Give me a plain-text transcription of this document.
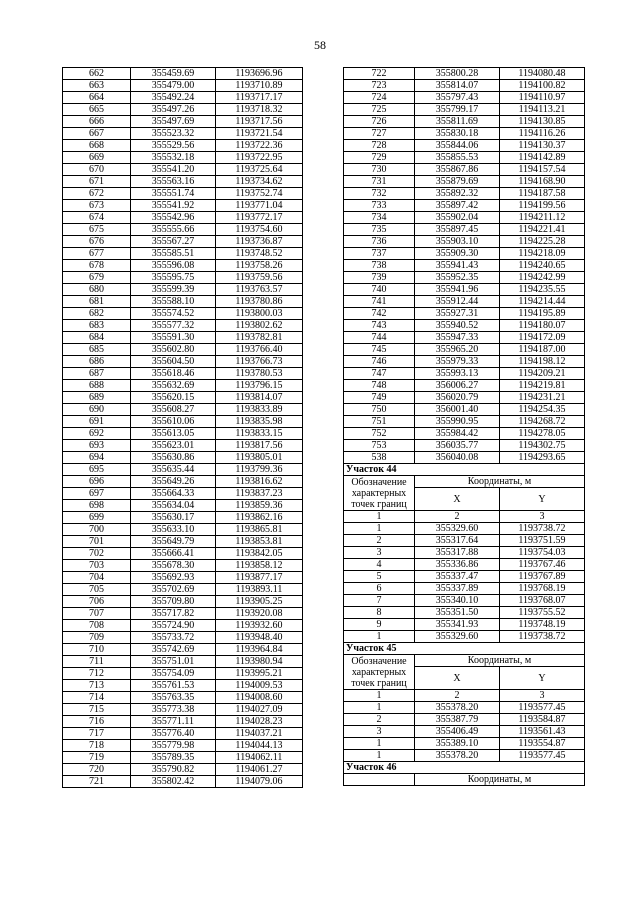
58
662	355459.69	1193696.96
663	355479.00	1193710.89
664	355492.24	1193717.17
665	355497.26	1193718.32
666	355497.69	1193717.56
667	355523.32	1193721.54
668	355529.56	1193722.36
669	355532.18	1193722.95
670	355541.20	1193725.64
671	355563.16	1193734.62
672	355551.74	1193752.74
673	355541.92	1193771.04
674	355542.96	1193772.17
675	355555.66	1193754.60
676	355567.27	1193736.87
677	355585.51	1193748.52
678	355596.08	1193758.26
679	355595.75	1193759.56
680	355599.39	1193763.57
681	355588.10	1193780.86
682	355574.52	1193800.03
683	355577.32	1193802.62
684	355591.30	1193782.81
685	355602.80	1193766.40
686	355604.50	1193766.73
687	355618.46	1193780.53
688	355632.69	1193796.15
689	355620.15	1193814.07
690	355608.27	1193833.89
691	355610.06	1193835.98
692	355613.05	1193833.15
693	355623.01	1193817.56
694	355630.86	1193805.01
695	355635.44	1193799.36
696	355649.26	1193816.62
697	355664.33	1193837.23
698	355634.04	1193859.36
699	355630.17	1193862.16
700	355633.10	1193865.81
701	355649.79	1193853.81
702	355666.41	1193842.05
703	355678.30	1193858.12
704	355692.93	1193877.17
705	355702.69	1193893.11
706	355709.80	1193905.25
707	355717.82	1193920.08
708	355724.90	1193932.60
709	355733.72	1193948.40
710	355742.69	1193964.84
711	355751.01	1193980.94
712	355754.09	1193995.21
713	355761.53	1194009.53
714	355763.35	1194008.60
715	355773.38	1194027.09
716	355771.11	1194028.23
717	355776.40	1194037.21
718	355779.98	1194044.13
719	355789.35	1194062.11
720	355790.82	1194061.27
721	355802.42	1194079.06
722	355800.28	1194080.48
723	355814.07	1194100.82
724	355797.43	1194110.97
725	355799.17	1194113.21
726	355811.69	1194130.85
727	355830.18	1194116.26
728	355844.06	1194130.37
729	355855.53	1194142.89
730	355867.86	1194157.54
731	355879.69	1194168.90
732	355892.32	1194187.58
733	355897.42	1194199.56
734	355902.04	1194211.12
735	355897.45	1194221.41
736	355903.10	1194225.28
737	355909.30	1194218.09
738	355941.43	1194240.65
739	355952.35	1194242.99
740	355941.96	1194235.55
741	355912.44	1194214.44
742	355927.31	1194195.89
743	355940.52	1194180.07
744	355947.33	1194172.09
745	355965.20	1194187.00
746	355979.33	1194198.12
747	355993.13	1194209.21
748	356006.27	1194219.81
749	356020.79	1194231.21
750	356001.40	1194254.35
751	355990.95	1194268.72
752	355984.42	1194278.05
753	356035.77	1194302.75
538	356040.08	1194293.65
Участок 44		
Обозначение характерных точек границ	Координаты, м	
	X	Y
1	2	3
1	355329.60	1193738.72
2	355317.64	1193751.59
3	355317.88	1193754.03
4	355336.86	1193767.46
5	355337.47	1193767.89
6	355337.89	1193768.19
7	355340.10	1193768.07
8	355351.50	1193755.52
9	355341.93	1193748.19
1	355329.60	1193738.72
Участок 45		
Обозначение характерных точек границ	Координаты, м	
	X	Y
1	2	3
1	355378.20	1193577.45
2	355387.79	1193584.87
3	355406.49	1193561.43
1	355389.10	1193554.87
1	355378.20	1193577.45
Участок 46		
	Координаты, м	
